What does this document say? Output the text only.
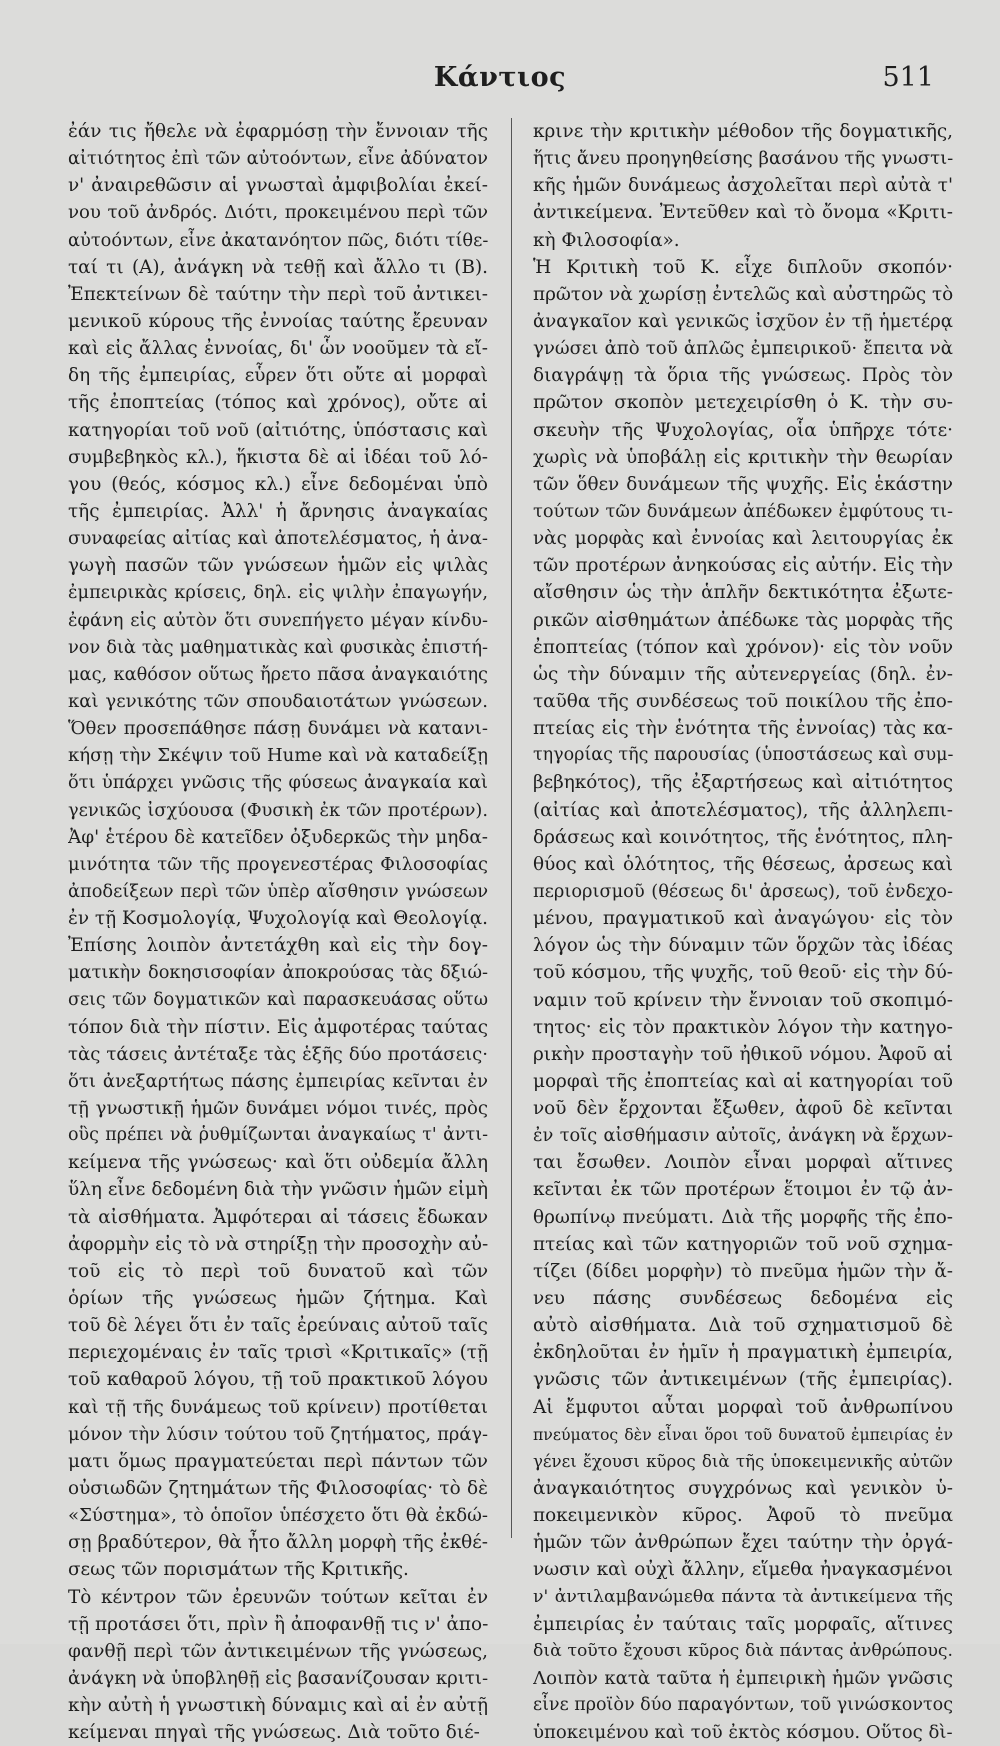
Κάντιος	511
ἐάν τις ἤθελε νὰ ἐφαρμόσῃ τὴν ἔννοιαν τῆς
αἰτιότητος ἐπὶ τῶν αὐτοόντων, εἶνε ἀδύνατον
ν' ἀναιρεθῶσιν αἱ γνωσταὶ ἀμφιβολίαι ἐκεί-
νου τοῦ ἀνδρός. Διότι, προκειμένου περὶ τῶν
αὐτοόντων, εἶνε ἀκατανόητον πῶς, διότι τίθε-
ταί τι (Α), ἀνάγκη νὰ τεθῇ καὶ ἄλλο τι (Β).
Ἐπεκτείνων δὲ ταύτην τὴν περὶ τοῦ ἀντικει-
μενικοῦ κύρους τῆς ἐννοίας ταύτης ἔρευναν
καὶ εἰς ἄλλας ἐννοίας, δι' ὧν νοοῦμεν τὰ εἴ-
δη τῆς ἐμπειρίας, εὗρεν ὅτι οὔτε αἱ μορφαὶ
τῆς ἐποπτείας (τόπος καὶ χρόνος), οὔτε αἱ
κατηγορίαι τοῦ νοῦ (αἰτιότης, ὑπόστασις καὶ
συμβεβηκὸς κλ.), ἥκιστα δὲ αἱ ἰδέαι τοῦ λό-
γου (θεός, κόσμος κλ.) εἶνε δεδομέναι ὑπὸ
τῆς ἐμπειρίας. Ἀλλ' ἡ ἄρνησις ἀναγκαίας
συναφείας αἰτίας καὶ ἀποτελέσματος, ἡ ἀνα-
γωγὴ πασῶν τῶν γνώσεων ἡμῶν εἰς ψιλὰς
ἐμπειρικὰς κρίσεις, δηλ. εἰς ψιλὴν ἐπαγωγήν,
ἐφάνη εἰς αὐτὸν ὅτι συνεπήγετο μέγαν κίνδυ-
νον διὰ τὰς μαθηματικὰς καὶ φυσικὰς ἐπιστή-
μας, καθόσον οὕτως ἤρετο πᾶσα ἀναγκαιότης
καὶ γενικότης τῶν σπουδαιοτάτων γνώσεων.
Ὅθεν προσεπάθησε πάσῃ δυνάμει νὰ κατανι-
κήσῃ τὴν Σκέψιν τοῦ Hume καὶ νὰ καταδείξῃ
ὅτι ὑπάρχει γνῶσις τῆς φύσεως ἀναγκαία καὶ
γενικῶς ἰσχύουσα (Φυσικὴ ἐκ τῶν προτέρων).
Ἀφ' ἑτέρου δὲ κατεῖδεν ὀξυδερκῶς τὴν μηδα-
μινότητα τῶν τῆς προγενεστέρας Φιλοσοφίας
ἀποδείξεων περὶ τῶν ὑπὲρ αἴσθησιν γνώσεων
ἐν τῇ Κοσμολογίᾳ, Ψυχολογίᾳ καὶ Θεολογίᾳ.
Ἐπίσης λοιπὸν ἀντετάχθη καὶ εἰς τὴν δογ-
ματικὴν δοκησισοφίαν ἀποκρούσας τὰς δξιώ-
σεις τῶν δογματικῶν καὶ παρασκευάσας οὕτω
τόπον διὰ τὴν πίστιν. Εἰς ἀμφοτέρας ταύτας
τὰς τάσεις ἀντέταξε τὰς ἑξῆς δύο προτάσεις·
ὅτι ἀνεξαρτήτως πάσης ἐμπειρίας κεῖνται ἐν
τῇ γνωστικῇ ἡμῶν δυνάμει νόμοι τινές, πρὸς
οὓς πρέπει νὰ ῥυθμίζωνται ἀναγκαίως τ' ἀντι-
κείμενα τῆς γνώσεως· καὶ ὅτι οὐδεμία ἄλλη
ὕλη εἶνε δεδομένη διὰ τὴν γνῶσιν ἡμῶν εἰμὴ
τὰ αἰσθήματα. Ἀμφότεραι αἱ τάσεις ἔδωκαν
ἀφορμὴν εἰς τὸ νὰ στηρίξῃ τὴν προσοχὴν αὐ-
τοῦ εἰς τὸ περὶ τοῦ δυνατοῦ καὶ τῶν
ὁρίων τῆς γνώσεως ἡμῶν ζήτημα. Καὶ
τοῦ δὲ λέγει ὅτι ἐν ταῖς ἐρεύναις αὐτοῦ ταῖς
περιεχομέναις ἐν ταῖς τρισὶ «Κριτικαῖς» (τῇ
τοῦ καθαροῦ λόγου, τῇ τοῦ πρακτικοῦ λόγου
καὶ τῇ τῆς δυνάμεως τοῦ κρίνειν) προτίθεται
μόνον τὴν λύσιν τούτου τοῦ ζητήματος, πράγ-
ματι ὅμως πραγματεύεται περὶ πάντων τῶν
οὐσιωδῶν ζητημάτων τῆς Φιλοσοφίας· τὸ δὲ
«Σύστημα», τὸ ὁποῖον ὑπέσχετο ὅτι θὰ ἐκδώ-
σῃ βραδύτερον, θὰ ἦτο ἄλλη μορφὴ τῆς ἐκθέ-
σεως τῶν πορισμάτων τῆς Κριτικῆς.
Τὸ κέντρον τῶν ἐρευνῶν τούτων κεῖται ἐν
τῇ προτάσει ὅτι, πρὶν ἢ ἀποφανθῇ τις ν' ἀπο-
φανθῇ περὶ τῶν ἀντικειμένων τῆς γνώσεως,
ἀνάγκη νὰ ὑποβληθῇ εἰς βασανίζουσαν κριτι-
κὴν αὐτὴ ἡ γνωστικὴ δύναμις καὶ αἱ ἐν αὐτῇ
κείμεναι πηγαὶ τῆς γνώσεως. Διὰ τοῦτο διέ-
κρινε τὴν κριτικὴν μέθοδον τῆς δογματικῆς,
ἥτις ἄνευ προηγηθείσης βασάνου τῆς γνωστι-
κῆς ἡμῶν δυνάμεως ἀσχολεῖται περὶ αὐτὰ τ'
ἀντικείμενα. Ἐντεῦθεν καὶ τὸ ὄνομα «Κριτι-
κὴ Φιλοσοφία».
Ἡ Κριτικὴ τοῦ Κ. εἶχε διπλοῦν σκοπόν·
πρῶτον νὰ χωρίσῃ ἐντελῶς καὶ αὐστηρῶς τὸ
ἀναγκαῖον καὶ γενικῶς ἰσχῦον ἐν τῇ ἡμετέρᾳ
γνώσει ἀπὸ τοῦ ἁπλῶς ἐμπειρικοῦ· ἔπειτα νὰ
διαγράψῃ τὰ ὅρια τῆς γνώσεως. Πρὸς τὸν
πρῶτον σκοπὸν μετεχειρίσθη ὁ Κ. τὴν συ-
σκευὴν τῆς Ψυχολογίας, οἷα ὑπῆρχε τότε·
χωρὶς νὰ ὑποβάλῃ εἰς κριτικὴν τὴν θεωρίαν
τῶν ὅθεν δυνάμεων τῆς ψυχῆς. Εἰς ἑκάστην
τούτων τῶν δυνάμεων ἀπέδωκεν ἐμφύτους τι-
νὰς μορφὰς καὶ ἐννοίας καὶ λειτουργίας ἐκ
τῶν προτέρων ἀνηκούσας εἰς αὐτήν. Εἰς τὴν
αἴσθησιν ὡς τὴν ἁπλῆν δεκτικότητα ἐξωτε-
ρικῶν αἰσθημάτων ἀπέδωκε τὰς μορφὰς τῆς
ἐποπτείας (τόπον καὶ χρόνον)· εἰς τὸν νοῦν
ὡς τὴν δύναμιν τῆς αὐτενεργείας (δηλ. ἐν-
ταῦθα τῆς συνδέσεως τοῦ ποικίλου τῆς ἐπο-
πτείας εἰς τὴν ἑνότητα τῆς ἐννοίας) τὰς κα-
τηγορίας τῆς παρουσίας (ὑποστάσεως καὶ συμ-
βεβηκότος), τῆς ἐξαρτήσεως καὶ αἰτιότητος
(αἰτίας καὶ ἀποτελέσματος), τῆς ἀλληλεπι-
δράσεως καὶ κοινότητος, τῆς ἑνότητος, πλη-
θύος καὶ ὁλότητος, τῆς θέσεως, ἀρσεως καὶ
περιορισμοῦ (θέσεως δι' ἀρσεως), τοῦ ἐνδεχο-
μένου, πραγματικοῦ καὶ ἀναγώγου· εἰς τὸν
λόγον ὡς τὴν δύναμιν τῶν ὅρχῶν τὰς ἰδέας
τοῦ κόσμου, τῆς ψυχῆς, τοῦ θεοῦ· εἰς τὴν δύ-
ναμιν τοῦ κρίνειν τὴν ἔννοιαν τοῦ σκοπιμό-
τητος· εἰς τὸν πρακτικὸν λόγον τὴν κατηγο-
ρικὴν προσταγὴν τοῦ ἠθικοῦ νόμου. Ἀφοῦ αἱ
μορφαὶ τῆς ἐποπτείας καὶ αἱ κατηγορίαι τοῦ
νοῦ δὲν ἔρχονται ἔξωθεν, ἀφοῦ δὲ κεῖνται
ἐν τοῖς αἰσθήμασιν αὐτοῖς, ἀνάγκη νὰ ἔρχων-
ται ἔσωθεν. Λοιπὸν εἶναι μορφαὶ αἵτινες
κεῖνται ἐκ τῶν προτέρων ἕτοιμοι ἐν τῷ ἀν-
θρωπίνῳ πνεύματι. Διὰ τῆς μορφῆς τῆς ἐπο-
πτείας καὶ τῶν κατηγοριῶν τοῦ νοῦ σχημα-
τίζει (δίδει μορφὴν) τὸ πνεῦμα ἡμῶν τὴν ἄ-
νευ πάσης συνδέσεως δεδομένα εἰς
αὐτὸ αἰσθήματα. Διὰ τοῦ σχηματισμοῦ δὲ
ἐκδηλοῦται ἐν ἡμῖν ἡ πραγματικὴ ἐμπειρία,
γνῶσις τῶν ἀντικειμένων (τῆς ἐμπειρίας).
Αἱ ἔμφυτοι αὗται μορφαὶ τοῦ ἀνθρωπίνου
πνεύματος δὲν εἶναι ὅροι τοῦ δυνατοῦ ἐμπειρίας ἐν
γένει ἔχουσι κῦρος διὰ τῆς ὑποκειμενικῆς αὐτῶν
ἀναγκαιότητος συγχρόνως καὶ γενικὸν ὑ-
ποκειμενικὸν κῦρος. Ἀφοῦ τὸ πνεῦμα
ἡμῶν τῶν ἀνθρώπων ἔχει ταύτην τὴν ὀργά-
νωσιν καὶ οὐχὶ ἄλλην, εἵμεθα ἠναγκασμένοι
ν' ἀντιλαμβανώμεθα πάντα τὰ ἀντικείμενα τῆς
ἐμπειρίας ἐν ταύταις ταῖς μορφαῖς, αἵτινες
διὰ τοῦτο ἔχουσι κῦρος διὰ πάντας ἀνθρώπους.
Λοιπὸν κατὰ ταῦτα ἡ ἐμπειρικὴ ἡμῶν γνῶσις
εἶνε προϊὸν δύο παραγόντων, τοῦ γινώσκοντος
ὑποκειμένου καὶ τοῦ ἐκτὸς κόσμου. Οὕτος δὶ-
